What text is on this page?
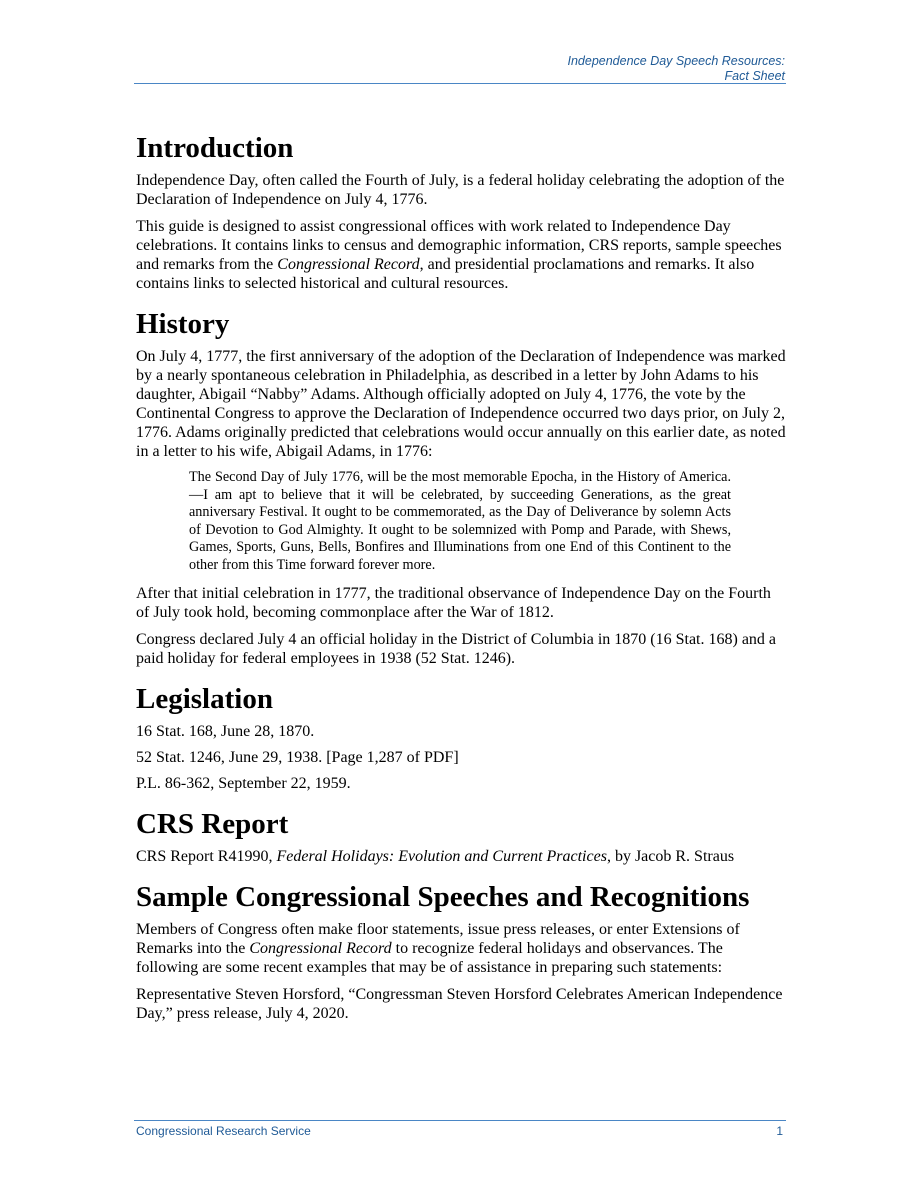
Independence Day Speech Resources:
Fact Sheet
Introduction

Independence Day, often called the Fourth of July, is a federal holiday celebrating the adoption of the Declaration of Independence on July 4, 1776.

This guide is designed to assist congressional offices with work related to Independence Day celebrations. It contains links to census and demographic information, CRS reports, sample speeches and remarks from the Congressional Record, and presidential proclamations and remarks. It also contains links to selected historical and cultural resources.

History

On July 4, 1777, the first anniversary of the adoption of the Declaration of Independence was marked by a nearly spontaneous celebration in Philadelphia, as described in a letter by John Adams to his daughter, Abigail “Nabby” Adams. Although officially adopted on July 4, 1776, the vote by the Continental Congress to approve the Declaration of Independence occurred two days prior, on July 2, 1776. Adams originally predicted that celebrations would occur annually on this earlier date, as noted in a letter to his wife, Abigail Adams, in 1776:

The Second Day of July 1776, will be the most memorable Epocha, in the History of America.—I am apt to believe that it will be celebrated, by succeeding Generations, as the great anniversary Festival. It ought to be commemorated, as the Day of Deliverance by solemn Acts of Devotion to God Almighty. It ought to be solemnized with Pomp and Parade, with Shews, Games, Sports, Guns, Bells, Bonfires and Illuminations from one End of this Continent to the other from this Time forward forever more.

After that initial celebration in 1777, the traditional observance of Independence Day on the Fourth of July took hold, becoming commonplace after the War of 1812.

Congress declared July 4 an official holiday in the District of Columbia in 1870 (16 Stat. 168) and a paid holiday for federal employees in 1938 (52 Stat. 1246).

Legislation

16 Stat. 168, June 28, 1870.

52 Stat. 1246, June 29, 1938. [Page 1,287 of PDF]

P.L. 86-362, September 22, 1959.

CRS Report

CRS Report R41990, Federal Holidays: Evolution and Current Practices, by Jacob R. Straus

Sample Congressional Speeches and Recognitions

Members of Congress often make floor statements, issue press releases, or enter Extensions of Remarks into the Congressional Record to recognize federal holidays and observances. The following are some recent examples that may be of assistance in preparing such statements:

Representative Steven Horsford, “Congressman Steven Horsford Celebrates American Independence Day,” press release, July 4, 2020.

Congressional Research Service	1
